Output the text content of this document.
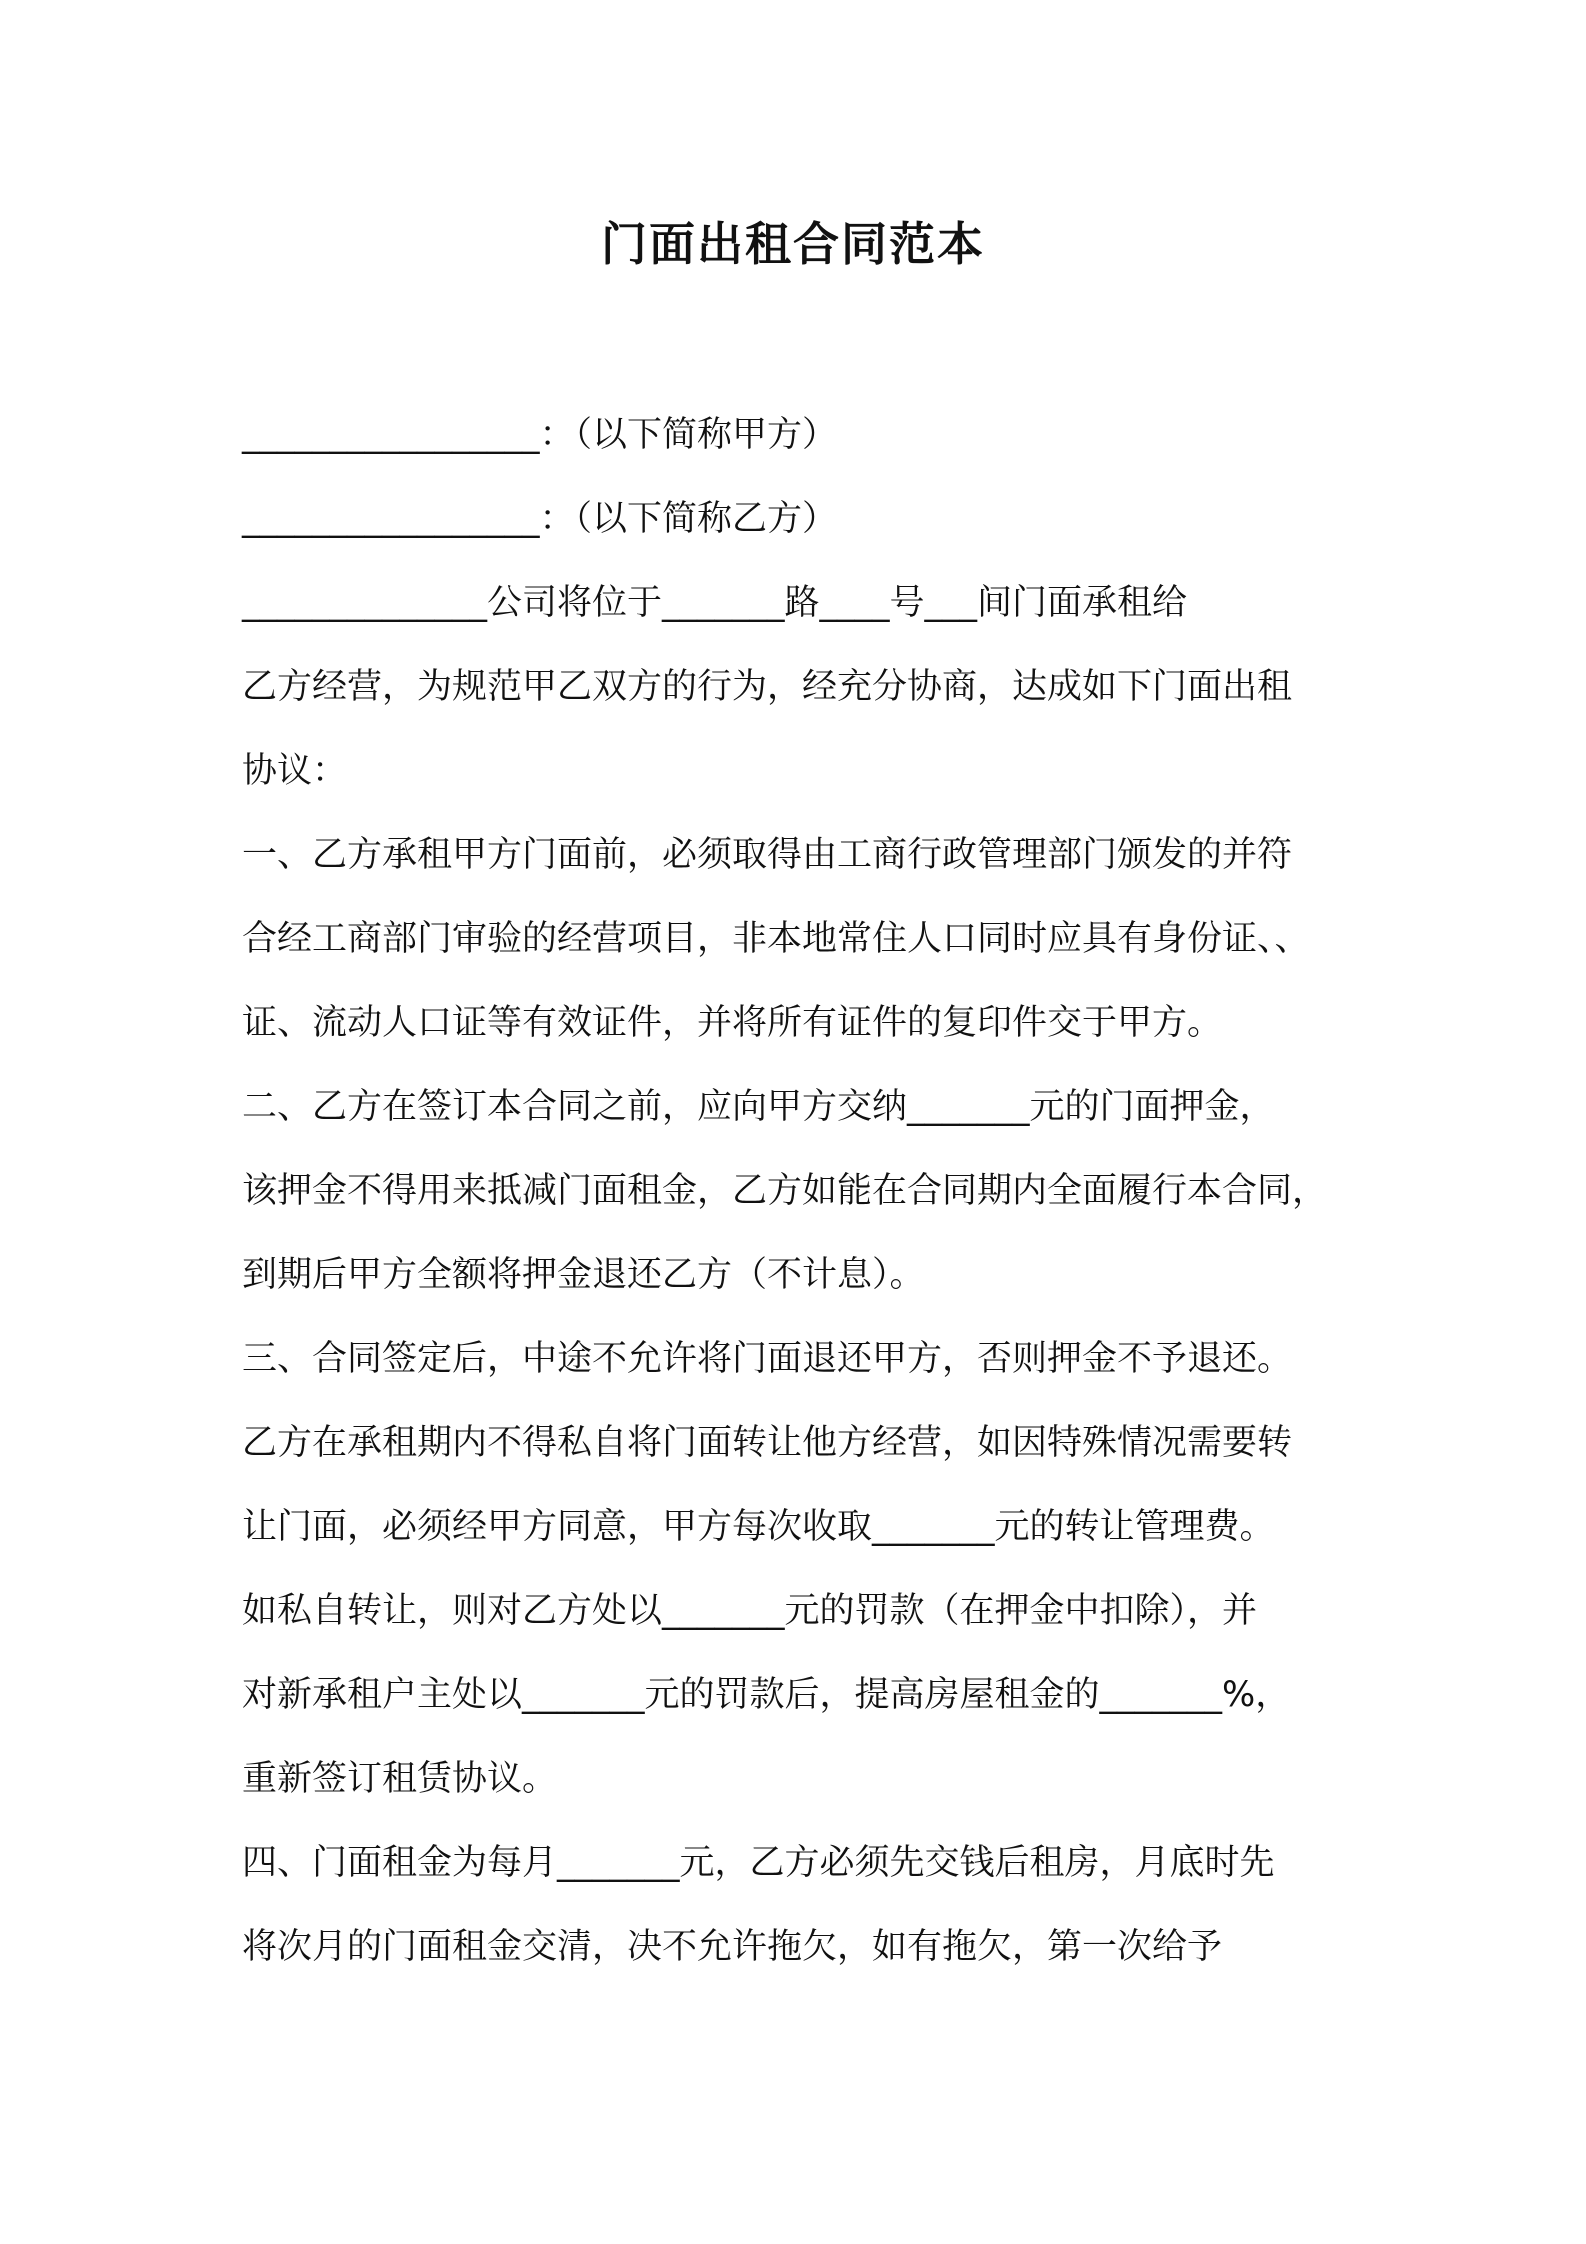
门面出租合同范本
_________________：（以下简称甲方）
_________________：（以下简称乙方）
______________公司将位于_______路____号___间门面承租给
乙方经营，为规范甲乙双方的行为，经充分协商，达成如下门面出租
协议：
一、乙方承租甲方门面前，必须取得由工商行政管理部门颁发的并符
合经工商部门审验的经营项目，非本地常住人口同时应具有身份证、、
证、流动人口证等有效证件，并将所有证件的复印件交于甲方。
二、乙方在签订本合同之前，应向甲方交纳_______元的门面押金，
该押金不得用来抵减门面租金，乙方如能在合同期内全面履行本合同，
到期后甲方全额将押金退还乙方（不计息）。
三、合同签定后，中途不允许将门面退还甲方，否则押金不予退还。
乙方在承租期内不得私自将门面转让他方经营，如因特殊情况需要转
让门面，必须经甲方同意，甲方每次收取_______元的转让管理费。
如私自转让，则对乙方处以_______元的罚款（在押金中扣除），并
对新承租户主处以_______元的罚款后，提高房屋租金的_______%，
重新签订租赁协议。
四、门面租金为每月_______元，乙方必须先交钱后租房，月底时先
将次月的门面租金交清，决不允许拖欠，如有拖欠，第一次给予
